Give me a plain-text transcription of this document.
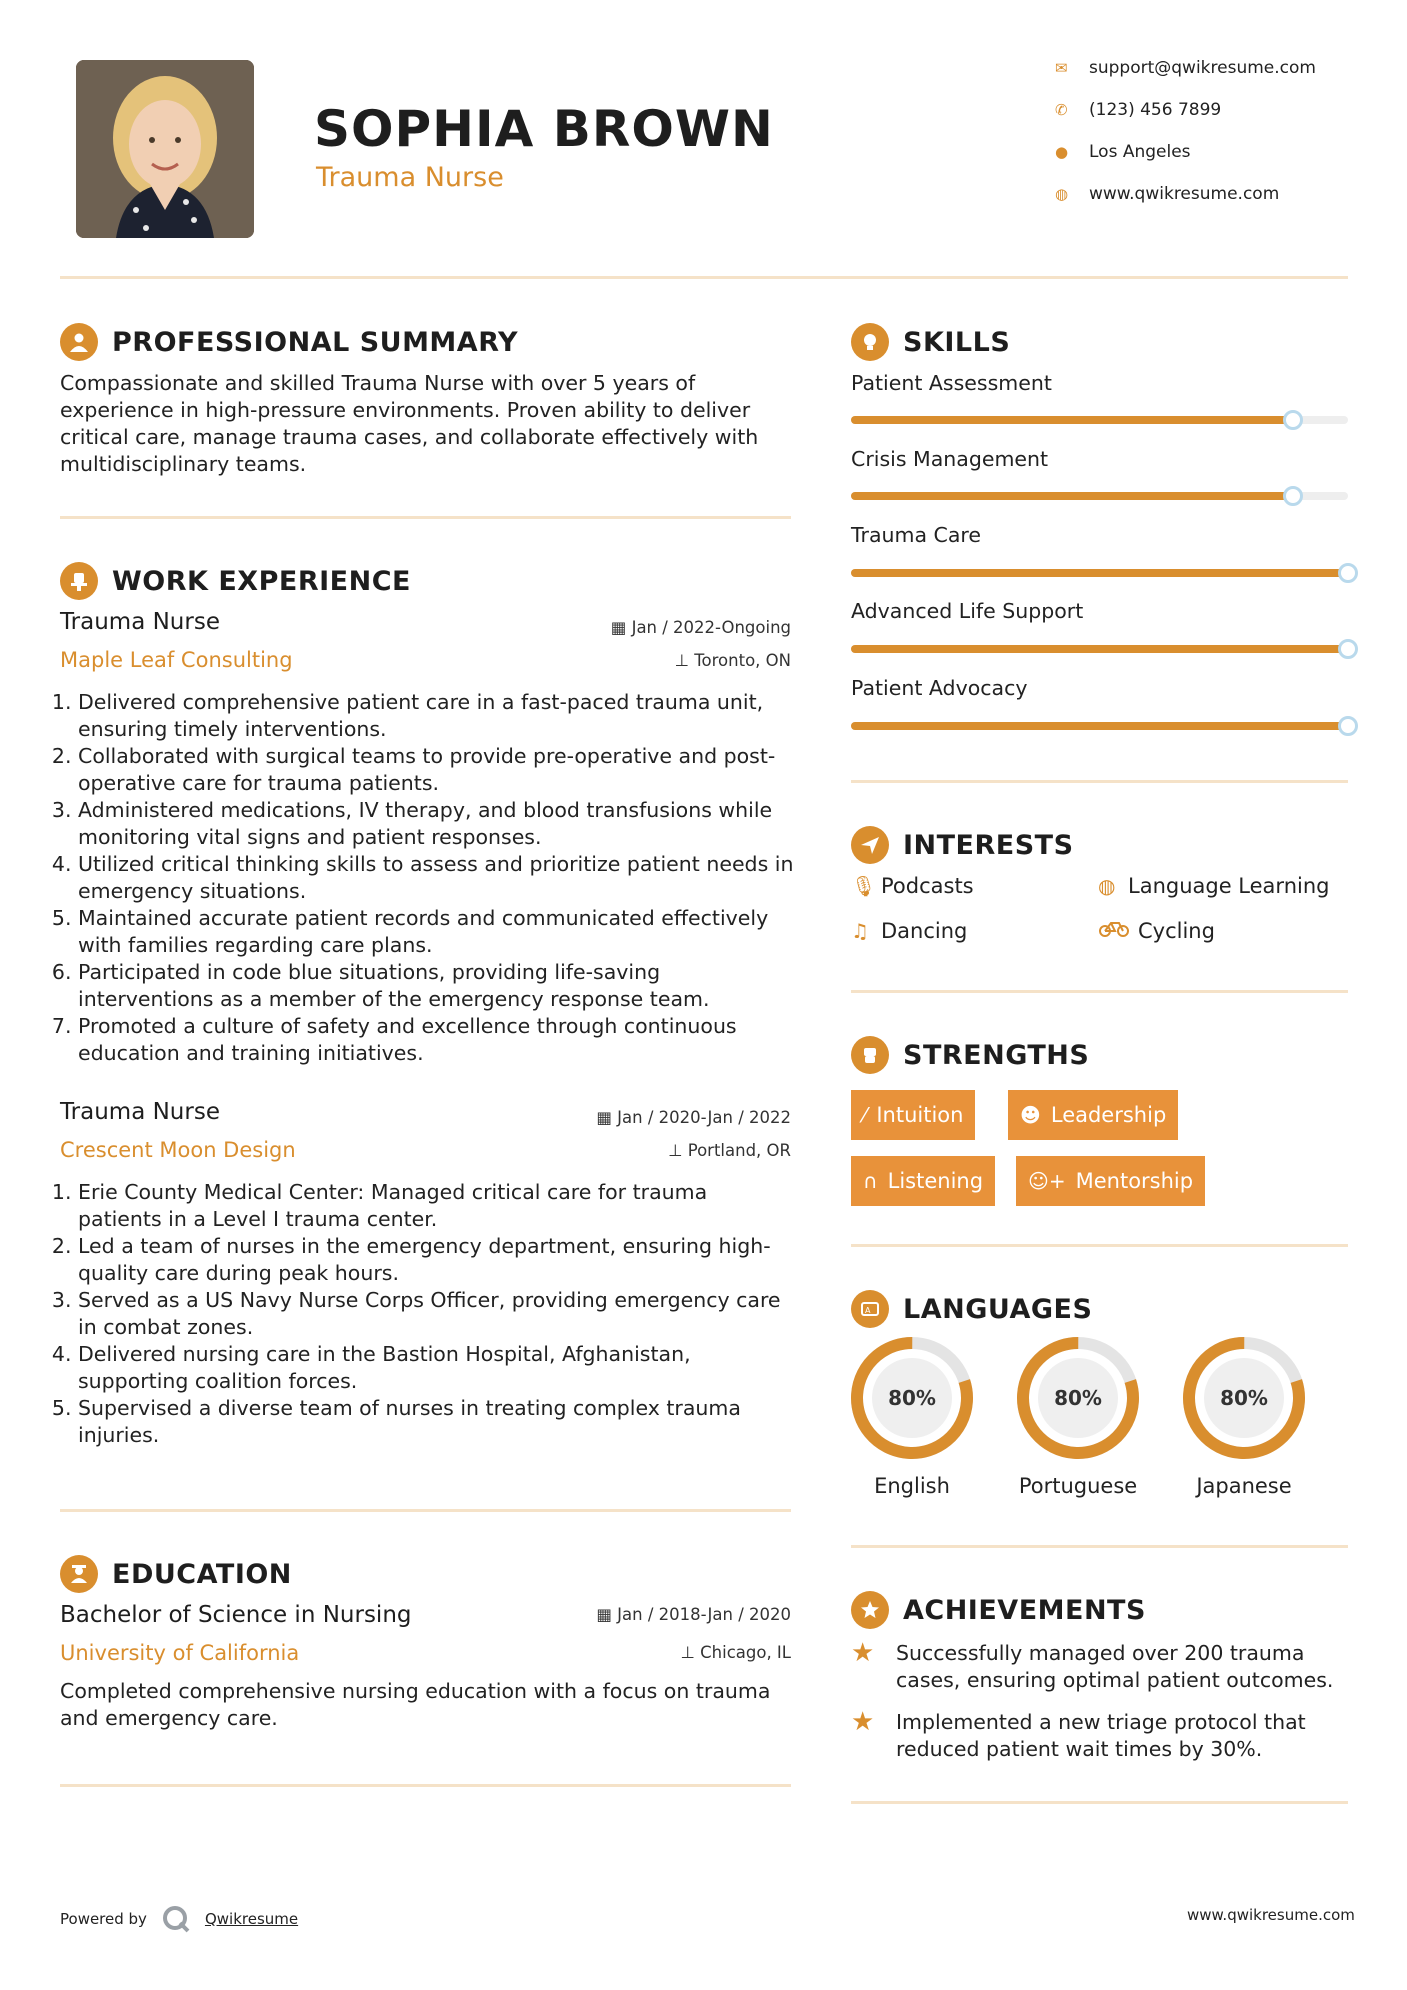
SOPHIA BROWN
Trauma Nurse
✉	support@qwikresume.com
✆	(123) 456 7899
●	Los Angeles
◍	www.qwikresume.com
PROFESSIONAL SUMMARY
Compassionate and skilled Trauma Nurse with over 5 years of experience in high-pressure environments. Proven ability to deliver critical care, manage trauma cases, and collaborate effectively with multidisciplinary teams.
WORK EXPERIENCE
Trauma Nurse	▦ Jan / 2022-Ongoing
Maple Leaf Consulting	⊥ Toronto, ON
1. Delivered comprehensive patient care in a fast-paced trauma unit, ensuring timely interventions.
2. Collaborated with surgical teams to provide pre-operative and post-operative care for trauma patients.
3. Administered medications, IV therapy, and blood transfusions while monitoring vital signs and patient responses.
4. Utilized critical thinking skills to assess and prioritize patient needs in emergency situations.
5. Maintained accurate patient records and communicated effectively with families regarding care plans.
6. Participated in code blue situations, providing life-saving interventions as a member of the emergency response team.
7. Promoted a culture of safety and excellence through continuous education and training initiatives.
Trauma Nurse	▦ Jan / 2020-Jan / 2022
Crescent Moon Design	⊥ Portland, OR
1. Erie County Medical Center: Managed critical care for trauma patients in a Level I trauma center.
2. Led a team of nurses in the emergency department, ensuring high-quality care during peak hours.
3. Served as a US Navy Nurse Corps Officer, providing emergency care in combat zones.
4. Delivered nursing care in the Bastion Hospital, Afghanistan, supporting coalition forces.
5. Supervised a diverse team of nurses in treating complex trauma injuries.
EDUCATION
Bachelor of Science in Nursing	▦ Jan / 2018-Jan / 2020
University of California	⊥ Chicago, IL
Completed comprehensive nursing education with a focus on trauma and emergency care.
SKILLS
Patient Assessment
Crisis Management
Trauma Care
Advanced Life Support
Patient Advocacy
INTERESTS
🎙︎ Podcasts	◍ Language Learning
♫ Dancing	Cycling
STRENGTHS
⁄ Intuition	☻ Leadership
∩ Listening ☺+ Mentorship
A LANGUAGES
80%
English
80%
Portuguese
80%
Japanese
ACHIEVEMENTS
★ Successfully managed over 200 trauma cases, ensuring optimal patient outcomes.
★ Implemented a new triage protocol that reduced patient wait times by 30%.
Powered by	Qwikresume	www.qwikresume.com
